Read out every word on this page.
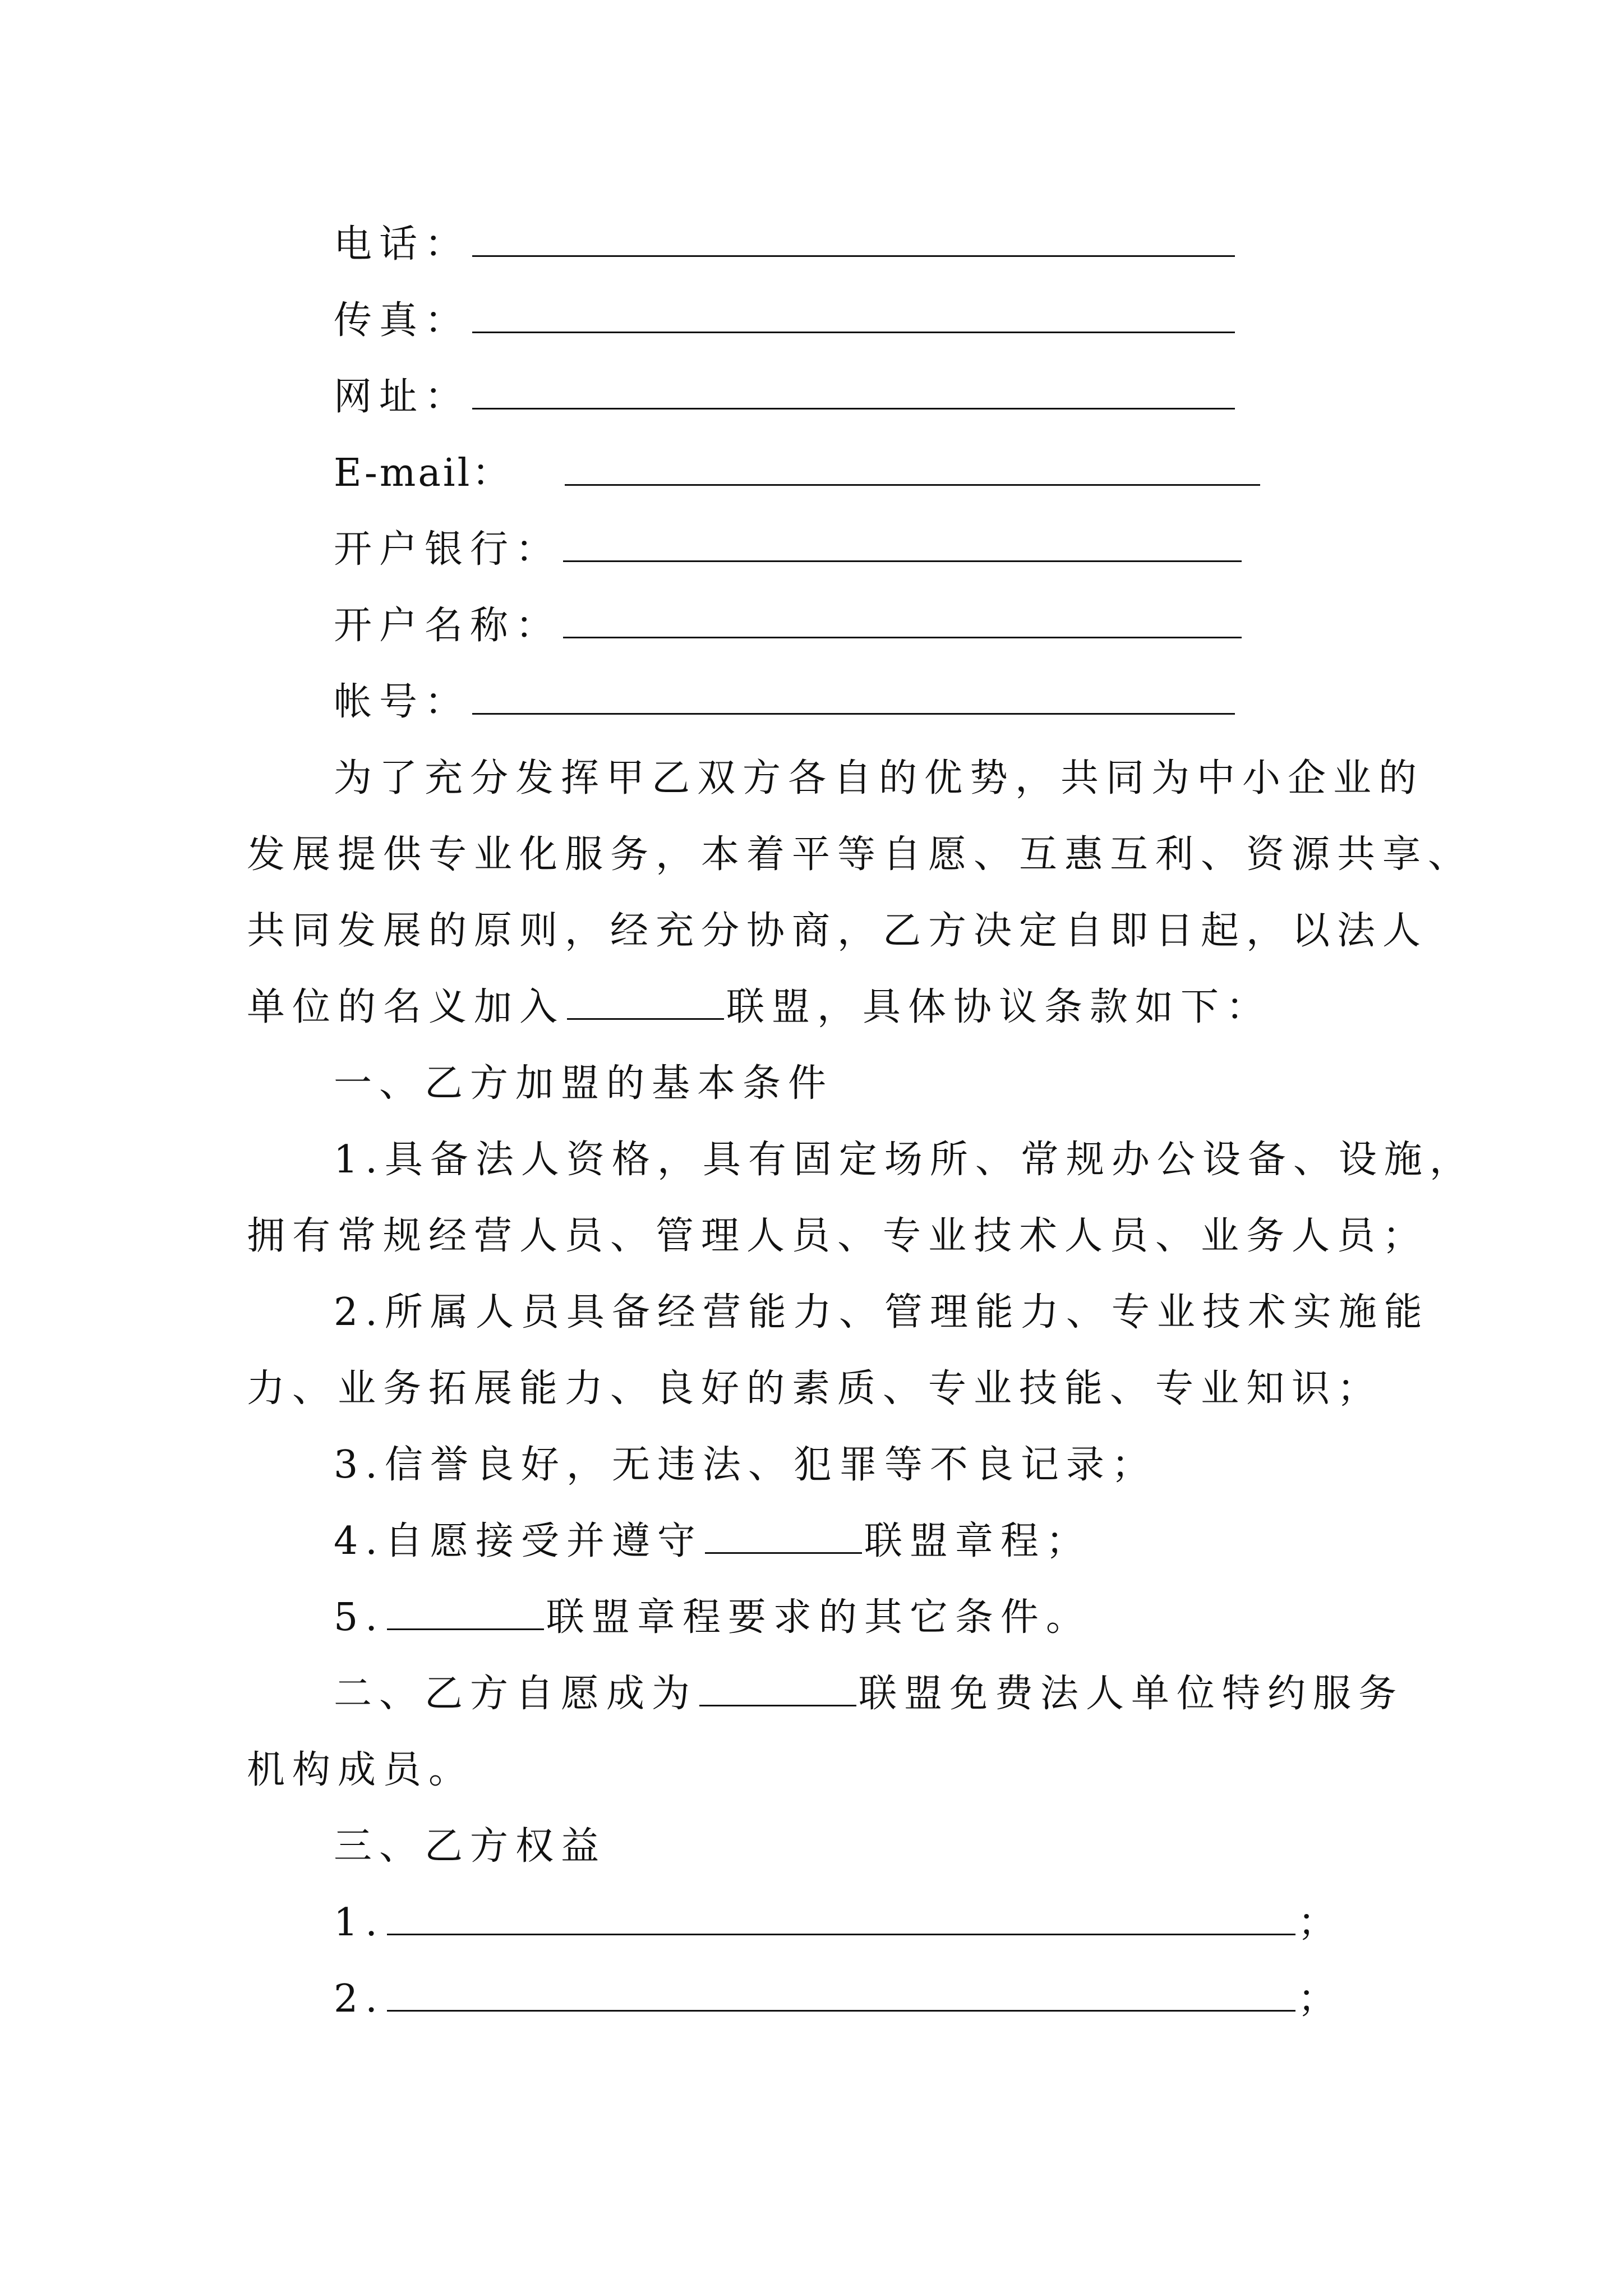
电话：
传真：
网址：
E-mail：
开户银行：
开户名称：
帐号：
为了充分发挥甲乙双方各自的优势，共同为中小企业的
发展提供专业化服务，本着平等自愿、互惠互利、资源共享、
共同发展的原则，经充分协商，乙方决定自即日起，以法人
单位的名义加入	联盟，具体协议条款如下：
一、乙方加盟的基本条件
1.具备法人资格，具有固定场所、常规办公设备、设施，
拥有常规经营人员、管理人员、专业技术人员、业务人员；
2.所属人员具备经营能力、管理能力、专业技术实施能
力、业务拓展能力、良好的素质、专业技能、专业知识；
3.信誉良好，无违法、犯罪等不良记录；
4.自愿接受并遵守	联盟章程；
5.	联盟章程要求的其它条件。
二、乙方自愿成为	联盟免费法人单位特约服务
机构成员。
三、乙方权益
1.	；
2.	；
